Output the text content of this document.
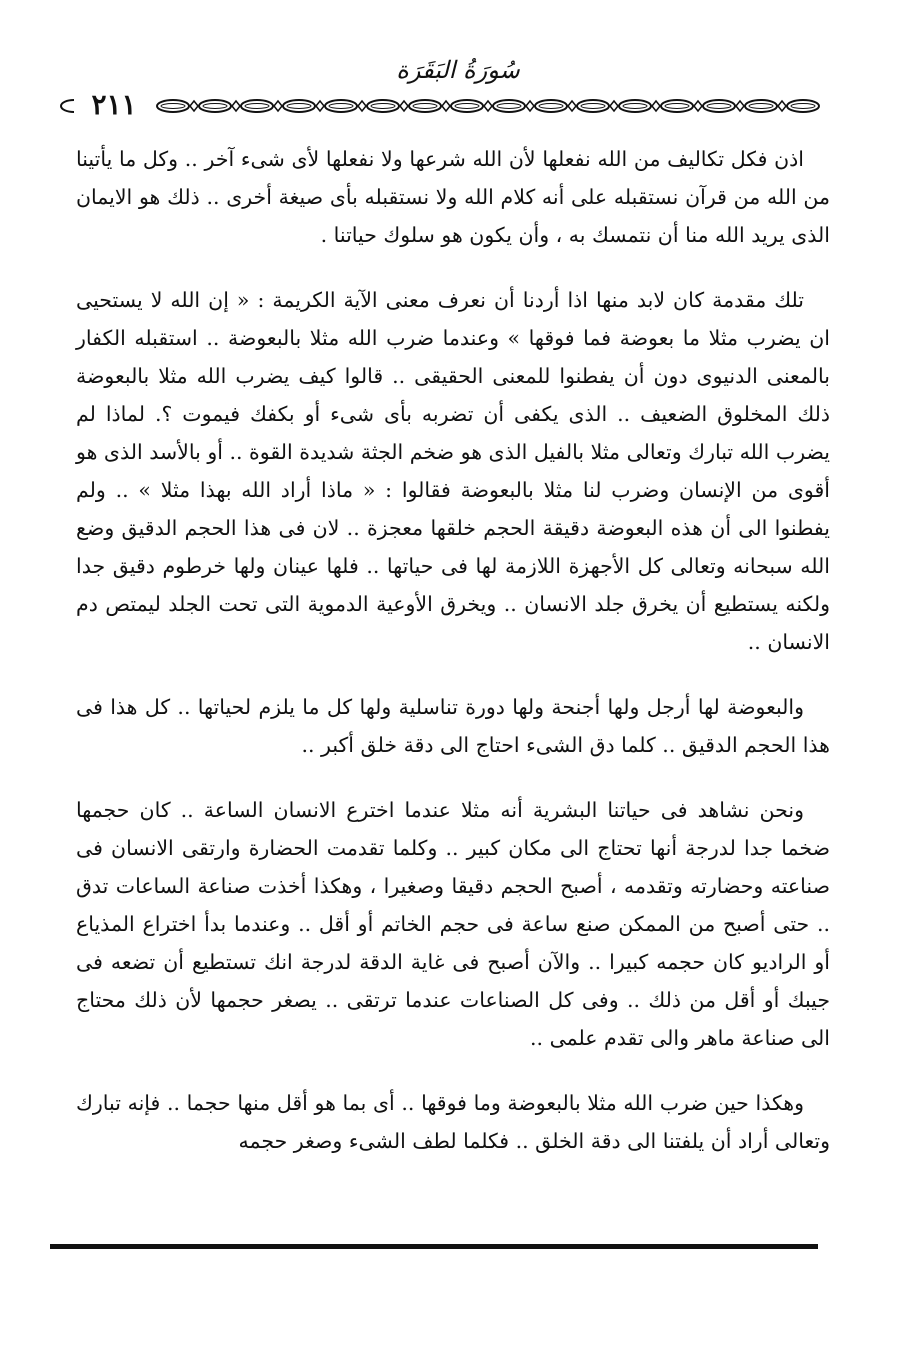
سُورَةُ البَقَرَة
٢١١

اذن فكل تكاليف من الله نفعلها لأن الله شرعها ولا نفعلها لأى شىء آخر .. وكل ما يأتينا من الله من قرآن نستقبله على أنه كلام الله ولا نستقبله بأى صيغة أخرى .. ذلك هو الايمان الذى يريد الله منا أن نتمسك به ، وأن يكون هو سلوك حياتنا .

تلك مقدمة كان لابد منها اذا أردنا أن نعرف معنى الآية الكريمة : « إن الله لا يستحيى ان يضرب مثلا ما بعوضة فما فوقها » وعندما ضرب الله مثلا بالبعوضة .. استقبله الكفار بالمعنى الدنيوى دون أن يفطنوا للمعنى الحقيقى .. قالوا كيف يضرب الله مثلا بالبعوضة ذلك المخلوق الضعيف .. الذى يكفى أن تضربه بأى شىء أو بكفك فيموت ؟. لماذا لم يضرب الله تبارك وتعالى مثلا بالفيل الذى هو ضخم الجثة شديدة القوة .. أو بالأسد الذى هو أقوى من الإنسان وضرب لنا مثلا بالبعوضة فقالوا : « ماذا أراد الله بهذا مثلا » .. ولم يفطنوا الى أن هذه البعوضة دقيقة الحجم خلقها معجزة .. لان فى هذا الحجم الدقيق وضع الله سبحانه وتعالى كل الأجهزة اللازمة لها فى حياتها .. فلها عينان ولها خرطوم دقيق جدا ولكنه يستطيع أن يخرق جلد الانسان .. ويخرق الأوعية الدموية التى تحت الجلد ليمتص دم الانسان ..

والبعوضة لها أرجل ولها أجنحة ولها دورة تناسلية ولها كل ما يلزم لحياتها .. كل هذا فى هذا الحجم الدقيق .. كلما دق الشىء احتاج الى دقة خلق أكبر ..

ونحن نشاهد فى حياتنا البشرية أنه مثلا عندما اخترع الانسان الساعة .. كان حجمها ضخما جدا لدرجة أنها تحتاج الى مكان كبير .. وكلما تقدمت الحضارة وارتقى الانسان فى صناعته وحضارته وتقدمه ، أصبح الحجم دقيقا وصغيرا ، وهكذا أخذت صناعة الساعات تدق .. حتى أصبح من الممكن صنع ساعة فى حجم الخاتم أو أقل .. وعندما بدأ اختراع المذياع أو الراديو كان حجمه كبيرا .. والآن أصبح فى غاية الدقة لدرجة انك تستطيع أن تضعه فى جيبك أو أقل من ذلك .. وفى كل الصناعات عندما ترتقى .. يصغر حجمها لأن ذلك محتاج الى صناعة ماهر والى تقدم علمى ..

وهكذا حين ضرب الله مثلا بالبعوضة وما فوقها .. أى بما هو أقل منها حجما .. فإنه تبارك وتعالى أراد أن يلفتنا الى دقة الخلق .. فكلما لطف الشىء وصغر حجمه
